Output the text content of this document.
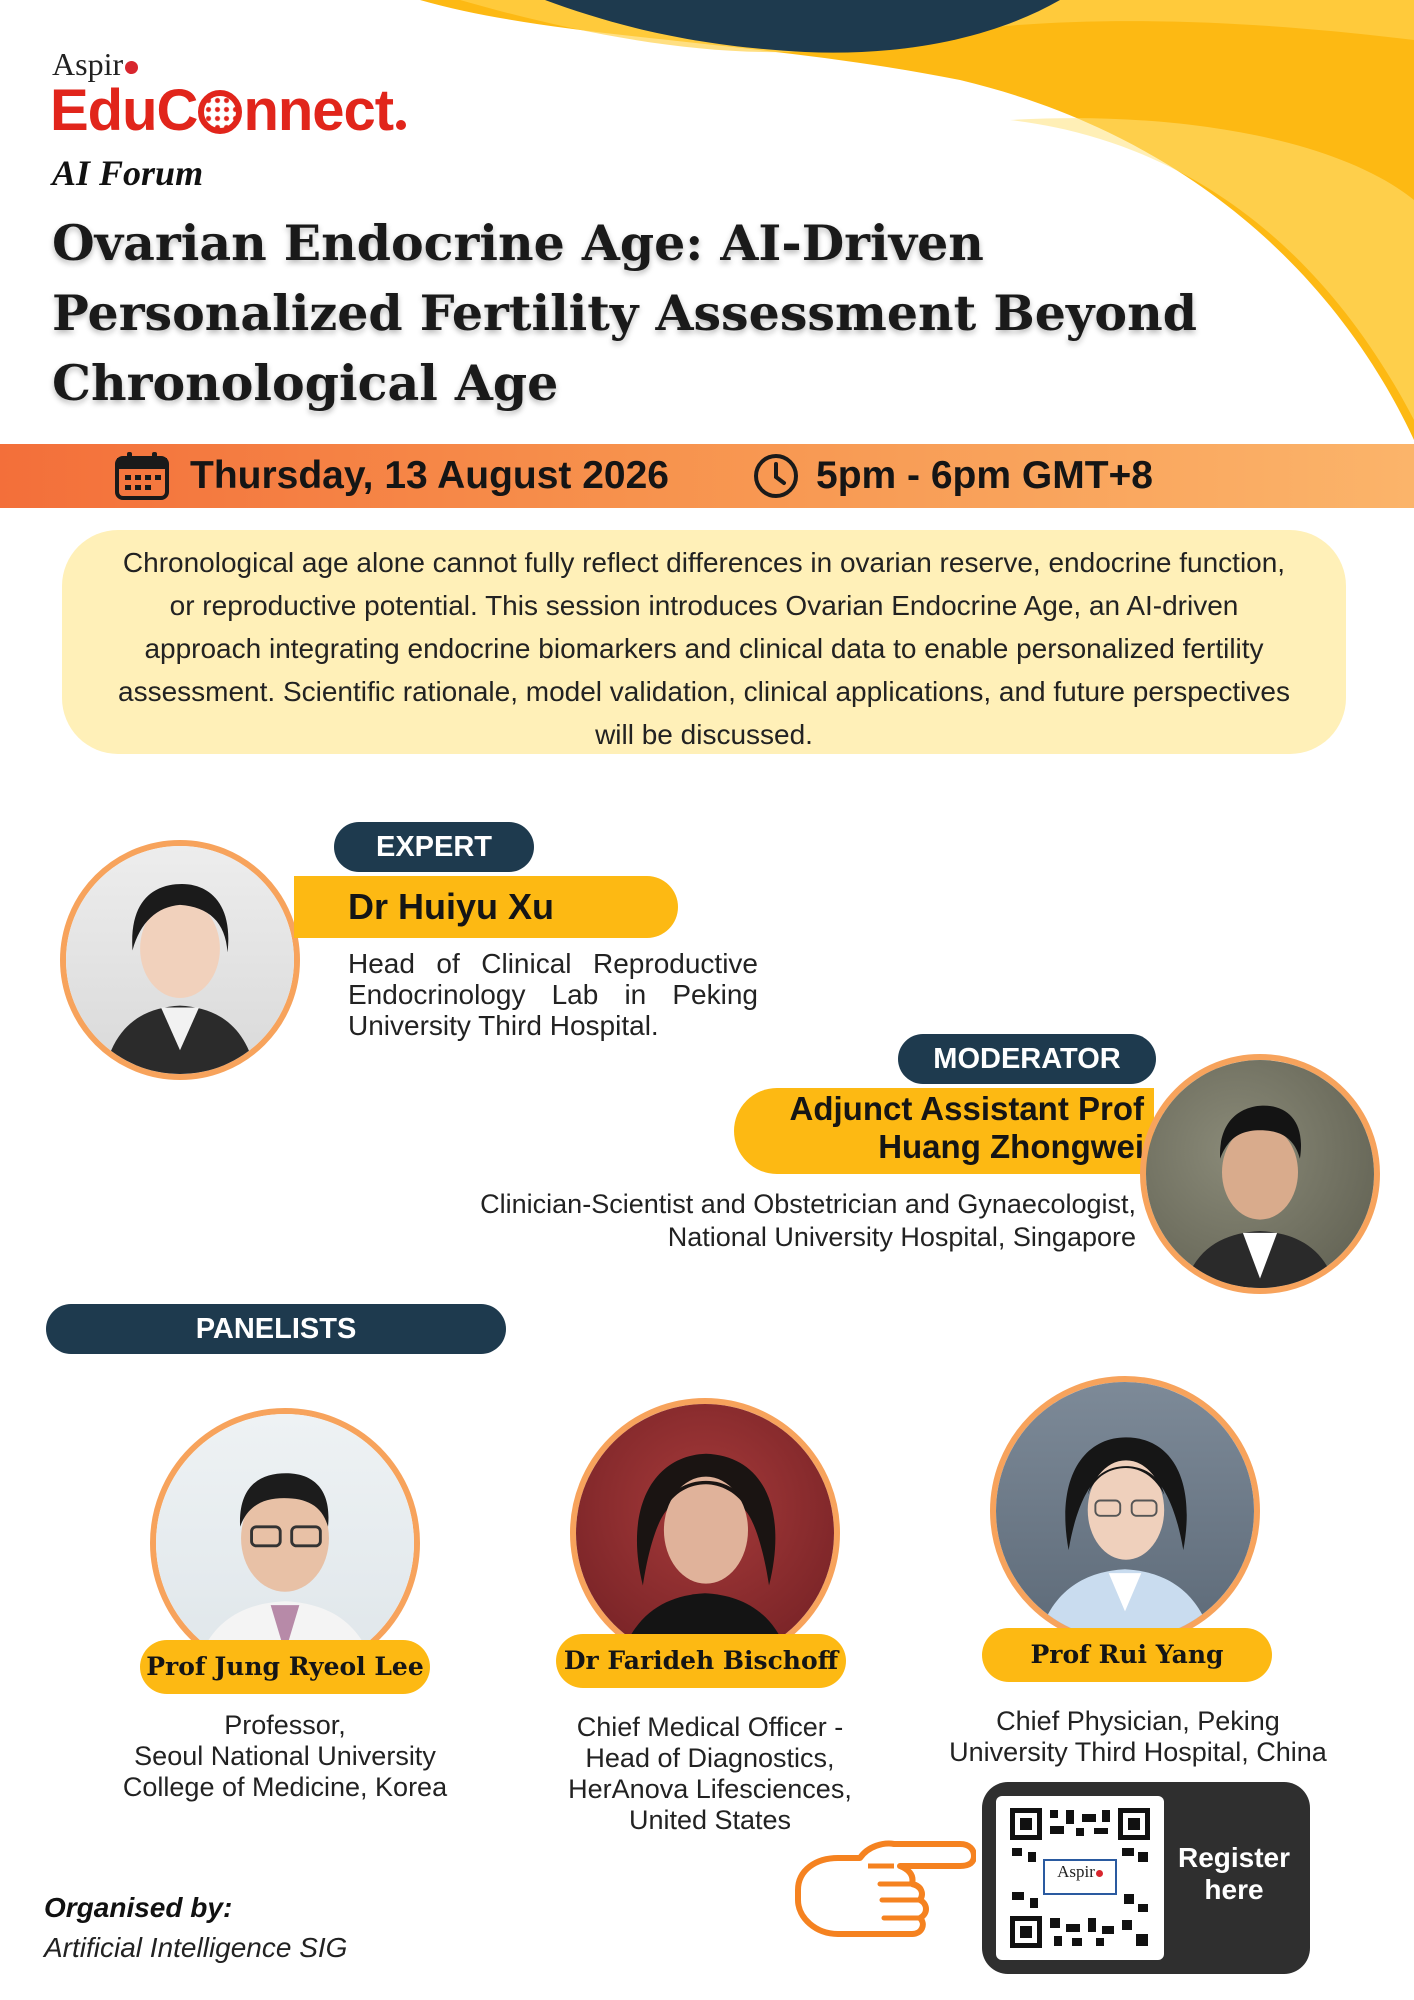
Aspir
EduC nnect
AI Forum
Ovarian Endocrine Age: AI-Driven
Personalized Fertility Assessment Beyond
Chronological Age
Thursday, 13 August 2026	5pm - 6pm GMT+8
Chronological age alone cannot fully reflect differences in ovarian reserve, endocrine function, or reproductive potential. This session introduces Ovarian Endocrine Age, an AI-driven approach integrating endocrine biomarkers and clinical data to enable personalized fertility assessment. Scientific rationale, model validation, clinical applications, and future perspectives will be discussed.
EXPERT
Dr Huiyu Xu
Head of Clinical Reproductive Endocrinology Lab in Peking University Third Hospital.
MODERATOR
Adjunct Assistant Prof
Huang Zhongwei
Clinician-Scientist and Obstetrician and Gynaecologist,
National University Hospital, Singapore
PANELISTS
Prof Jung Ryeol Lee
Professor,
Seoul National University
College of Medicine, Korea
Dr Farideh Bischoff
Chief Medical Officer -
Head of Diagnostics,
HerAnova Lifesciences,
United States
Prof Rui Yang
Chief Physician, Peking
University Third Hospital, China
Aspir	Register
here
Organised by:
Artificial Intelligence SIG
